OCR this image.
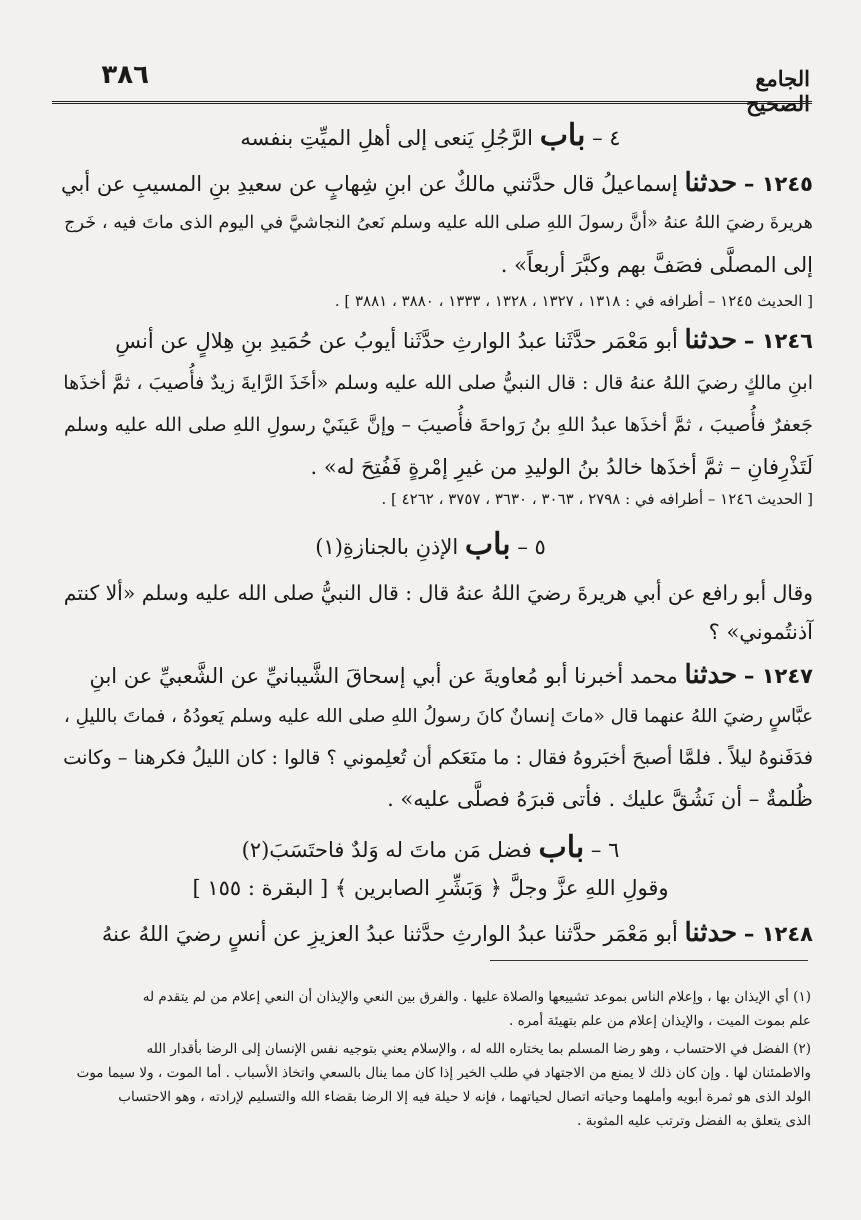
٣٨٦	الجامع الصحيح
٤ – باب الرَّجُلِ يَنعى إلى أهلِ الميِّتِ بنفسه
١٢٤٥ – حدثنا إسماعيلُ قال حدَّثني مالكٌ عن ابنِ شِهابٍ عن سعيدِ بنِ المسيبِ عن أبي
هريرةَ رضيَ اللهُ عنهُ «أنَّ رسولَ اللهِ صلى الله عليه وسلم نَعىُ النجاشيَّ في اليوم الذى ماتَ فيه ، خَرج
إلى المصلَّى فصَفَّ بهم وكبَّرَ أربعاً» .
[ الحديث ١٢٤٥ – أطرافه في : ١٣١٨ ، ١٣٢٧ ، ١٣٢٨ ، ١٣٣٣ ، ٣٨٨٠ ، ٣٨٨١ ] .
١٢٤٦ – حدثنا أبو مَعْمَر حدَّثَنا عبدُ الوارثِ حدَّثَنا أيوبُ عن حُمَيدِ بنِ هِلالٍ عن أنسِ
ابنِ مالكٍ رضيَ اللهُ عنهُ قال : قال النبيُّ صلى الله عليه وسلم «أخَذَ الرَّايةَ زيدٌ فأُصيبَ ، ثمَّ أخذَها
جَعفرٌ فأُصيبَ ، ثمَّ أخذَها عبدُ اللهِ بنُ رَواحةَ فأُصيبَ – وإنَّ عَينَيْ رسولِ اللهِ صلى الله عليه وسلم
لَتَذْرِفانِ – ثمَّ أخذَها خالدُ بنُ الوليدِ من غيرِ إمْرةٍ فَفُتِحَ له» .
[ الحديث ١٢٤٦ – أطرافه في : ٢٧٩٨ ، ٣٠٦٣ ، ٣٦٣٠ ، ٣٧٥٧ ، ٤٢٦٢ ] .
٥ – باب الإذنِ بالجنازةِ(١)
وقال أبو رافع عن أبي هريرةَ رضيَ اللهُ عنهُ قال : قال النبيُّ صلى الله عليه وسلم «ألا كنتم
آذنتُموني» ؟
١٢٤٧ – حدثنا محمد أخبرنا أبو مُعاويةَ عن أبي إسحاقَ الشَّيبانيِّ عن الشَّعبيِّ عن ابنِ
عبَّاسٍ رضيَ اللهُ عنهما قال «ماتَ إنسانٌ كانَ رسولُ اللهِ صلى الله عليه وسلم يَعودُهُ ، فماتَ بالليلِ ،
فدَفَنوهُ ليلاً . فلمَّا أصبحَ أخبَروهُ فقال : ما منَعَكم أن تُعلِموني ؟ قالوا : كان الليلُ فكرهنا – وكانت
ظُلمةٌ – أن نَشُقَّ عليك . فأتى قبرَهُ فصلَّى عليه» .
٦ – باب فضل مَن ماتَ له وَلدٌ فاحتَسَبَ(٢)
وقولِ اللهِ عزَّ وجلَّ ﴿ وَبَشِّرِ الصابرين ﴾ [ البقرة : ١٥٥ ]
١٢٤٨ – حدثنا أبو مَعْمَر حدَّثنا عبدُ الوارثِ حدَّثنا عبدُ العزيزِ عن أنسٍ رضيَ اللهُ عنهُ
(١) أي الإيذان بها ، وإعلام الناس بموعد تشييعها والصلاة عليها . والفرق بين النعي والإيذان أن النعي إعلام من لم يتقدم له
علم بموت الميت ، والإيذان إعلام من علم بتهيئة أمره .
(٢) الفضل في الاحتساب ، وهو رضا المسلم بما يختاره الله له ، والإسلام يعني بتوجيه نفس الإنسان إلى الرضا بأقدار الله
والاطمئنان لها . وإن كان ذلك لا يمنع من الاجتهاد في طلب الخير إذا كان مما ينال بالسعي واتخاذ الأسباب . أما الموت ، ولا سيما موت
الولد الذى هو ثمرة أبويه وأملهما وحياته اتصال لحياتهما ، فإنه لا حيلة فيه إلا الرضا بقضاء الله والتسليم لإرادته ، وهو الاحتساب
الذى يتعلق به الفضل وترتب عليه المثوبة .
